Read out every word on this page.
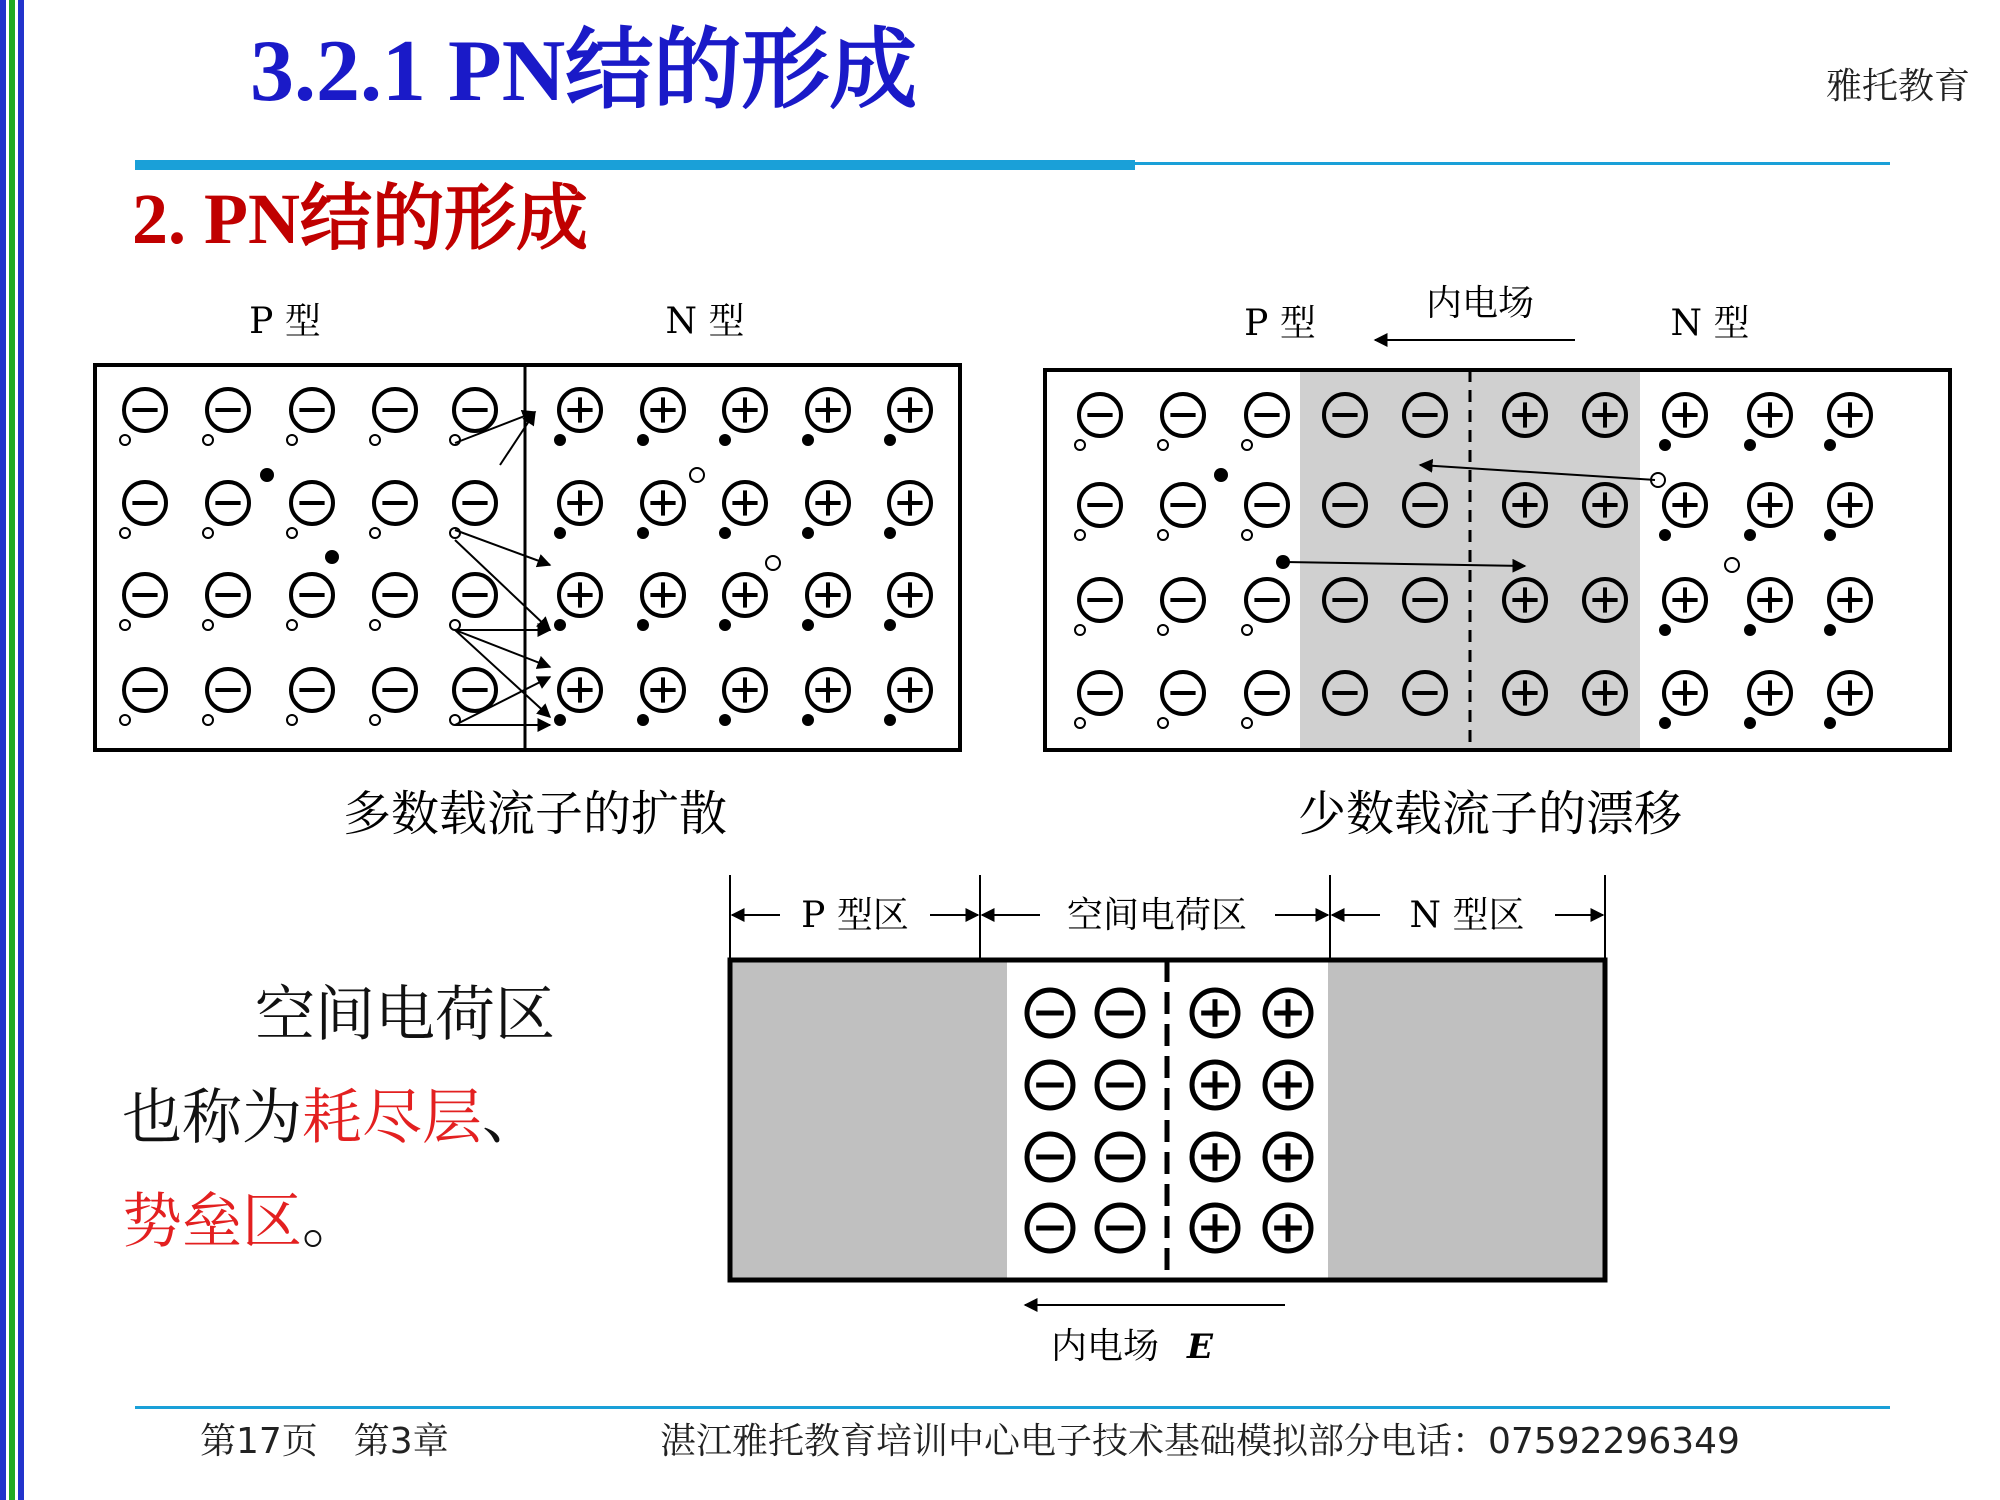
3.2.1 PN结的形成	雅托教育
2. PN结的形成
P 型	N 型
多数载流子的扩散
P 型	内电场	N 型
少数载流子的漂移
P 型区	空间电荷区	N 型区
内电场 E
空间电荷区
也称为耗尽层、
势垒区。
第17页　第3章	湛江雅托教育培训中心电子技术基础模拟部分电话：07592296349
